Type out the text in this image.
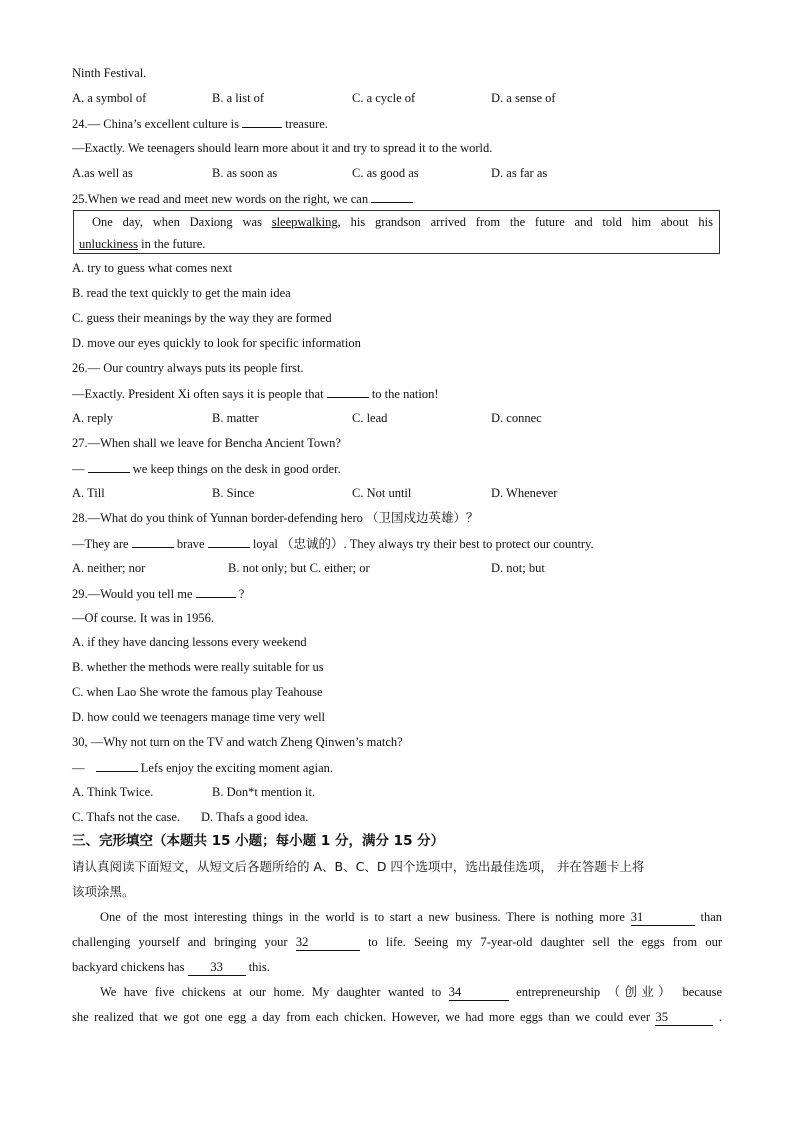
Ninth Festival.
A. a symbol of	B. a list of	C. a cycle of	D. a sense of
24.— China’s excellent culture is	treasure.
—Exactly. We teenagers should learn more about it and try to spread it to the world.
A.as well as	B. as soon as	C. as good as	D. as far as
25.When we read and meet new words on the right, we can

One day, when Daxiong was sleepwalking, his grandson arrived from the future and told him about his

unluckiness in the future.

A. try to guess what comes next
B. read the text quickly to get the main idea
C. guess their meanings by the way they are formed
D. move our eyes quickly to look for specific information
26.— Our country always puts its people first.
—Exactly. President Xi often says it is people that	to the nation!
A. reply	B. matter	C. lead	D. connec
27.—When shall we leave for Bencha Ancient Town?
—	we keep things on the desk in good order.
A. Till	B. Since	C. Not until	D. Whenever
28.—What do you think of Yunnan border-defending hero （卫国戍边英雄）？
—They are	brave	loyal （忠诚的）. They always try their best to protect our country.
A. neither; nor	B. not only; but C. either; or	D. not; but
29.—Would you tell me	?
—Of course. It was in 1956.
A. if they have dancing lessons every weekend
B. whether the methods were really suitable for us
C. when Lao She wrote the famous play Teahouse
D. how could we teenagers manage time very well
30, —Why not turn on the TV and watch Zheng Qinwen’s match?
—	Lefs enjoy the exciting moment agian.
A. Think Twice.	B. Don*t mention it.
C. Thafs not the case. D. Thafs a good idea.
三、完形填空（本题共 15 小题；每小题 1 分，满分 15 分）
请认真阅读下面短文，从短文后各题所给的 A、B、C、D 四个选项中，选出最佳选项， 并在答题卡上将
该项涂黑。
One of the most interesting things in the world is to start a new business. There is nothing more 31	than
challenging yourself and bringing your 32	to life. Seeing my 7-year-old daughter sell the eggs from our
backyard chickens has 33 this.
We have five chickens at our home. My daughter wanted to 34	entrepreneurship （创业） because
she realized that we got one egg a day from each chicken. However, we had more eggs than we could ever 35	.
